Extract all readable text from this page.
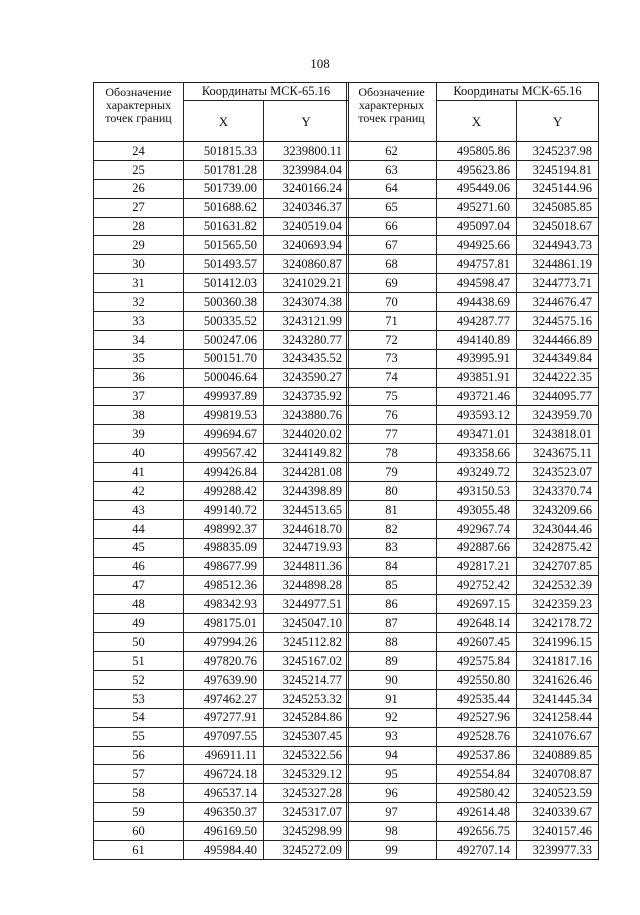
108
Обозначение характерных точек границ	Координаты МСК-65.16	
	X	Y
24	501815.33	3239800.11
25	501781.28	3239984.04
26	501739.00	3240166.24
27	501688.62	3240346.37
28	501631.82	3240519.04
29	501565.50	3240693.94
30	501493.57	3240860.87
31	501412.03	3241029.21
32	500360.38	3243074.38
33	500335.52	3243121.99
34	500247.06	3243280.77
35	500151.70	3243435.52
36	500046.64	3243590.27
37	499937.89	3243735.92
38	499819.53	3243880.76
39	499694.67	3244020.02
40	499567.42	3244149.82
41	499426.84	3244281.08
42	499288.42	3244398.89
43	499140.72	3244513.65
44	498992.37	3244618.70
45	498835.09	3244719.93
46	498677.99	3244811.36
47	498512.36	3244898.28
48	498342.93	3244977.51
49	498175.01	3245047.10
50	497994.26	3245112.82
51	497820.76	3245167.02
52	497639.90	3245214.77
53	497462.27	3245253.32
54	497277.91	3245284.86
55	497097.55	3245307.45
56	496911.11	3245322.56
57	496724.18	3245329.12
58	496537.14	3245327.28
59	496350.37	3245317.07
60	496169.50	3245298.99
61	495984.40	3245272.09
Обозначение характерных точек границ	Координаты МСК-65.16	
	X	Y
62	495805.86	3245237.98
63	495623.86	3245194.81
64	495449.06	3245144.96
65	495271.60	3245085.85
66	495097.04	3245018.67
67	494925.66	3244943.73
68	494757.81	3244861.19
69	494598.47	3244773.71
70	494438.69	3244676.47
71	494287.77	3244575.16
72	494140.89	3244466.89
73	493995.91	3244349.84
74	493851.91	3244222.35
75	493721.46	3244095.77
76	493593.12	3243959.70
77	493471.01	3243818.01
78	493358.66	3243675.11
79	493249.72	3243523.07
80	493150.53	3243370.74
81	493055.48	3243209.66
82	492967.74	3243044.46
83	492887.66	3242875.42
84	492817.21	3242707.85
85	492752.42	3242532.39
86	492697.15	3242359.23
87	492648.14	3242178.72
88	492607.45	3241996.15
89	492575.84	3241817.16
90	492550.80	3241626.46
91	492535.44	3241445.34
92	492527.96	3241258.44
93	492528.76	3241076.67
94	492537.86	3240889.85
95	492554.84	3240708.87
96	492580.42	3240523.59
97	492614.48	3240339.67
98	492656.75	3240157.46
99	492707.14	3239977.33
